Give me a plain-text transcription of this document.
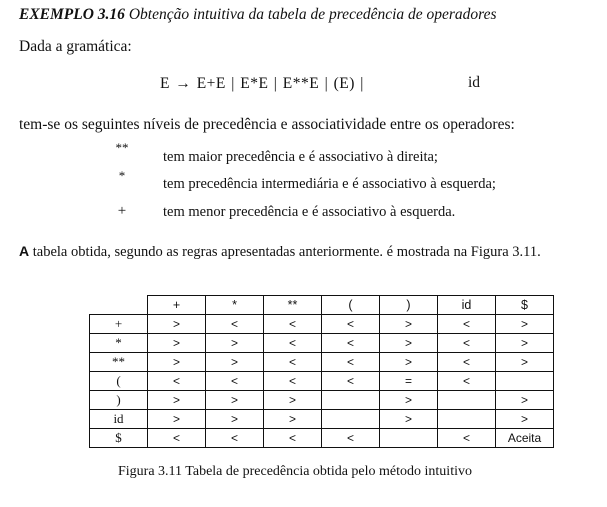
EXEMPLO 3.16 Obtenção intuitiva da tabela de precedência de operadores
Dada a gramática:
E → E+E | E*E | E**E | (E) |	id
tem-se os seguintes níveis de precedência e associatividade entre os operadores:
**
tem maior precedência e é associativo à direita;
*
tem precedência intermediária e é associativo à esquerda;
+	tem menor precedência e é associativo à esquerda.
A tabela obtida, segundo as regras apresentadas anteriormente. é mostrada na Figura 3.11.
	+	*	**	(	)	id	$
+	>	<	<	<	>	<	>
*	>	>	<	<	>	<	>
**	>	>	<	<	>	<	>
(	<	<	<	<	=	<	
)	>	>	>		>		>
id	>	>	>		>		>
$	<	<	<	<		<	Aceita
Figura 3.11 Tabela de precedência obtida pelo método intuitivo
